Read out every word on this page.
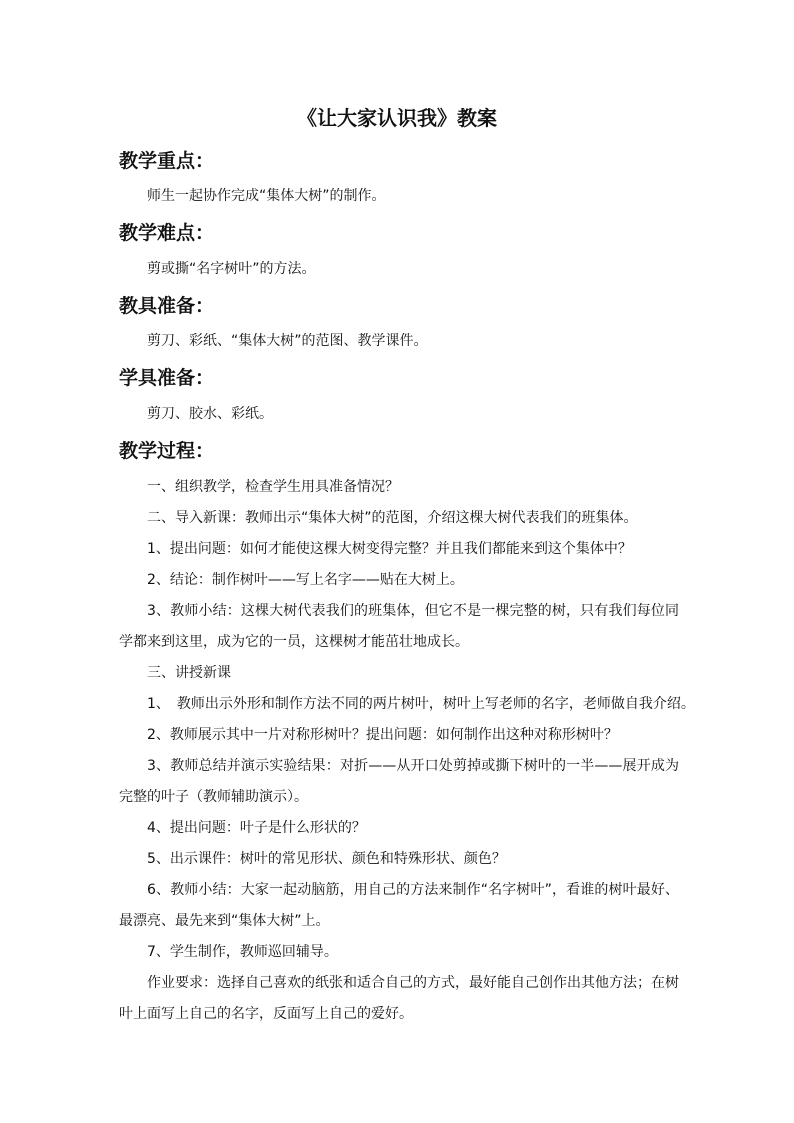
《让大家认识我》教案
教学重点：
师生一起协作完成“集体大树”的制作。
教学难点：
剪或撕“名字树叶”的方法。
教具准备：
剪刀、彩纸、“集体大树”的范图、教学课件。
学具准备：
剪刀、胶水、彩纸。
教学过程：
一、组织教学，检查学生用具准备情况？
二、导入新课：教师出示“集体大树”的范图，介绍这棵大树代表我们的班集体。
1、提出问题：如何才能使这棵大树变得完整？并且我们都能来到这个集体中？
2、结论：制作树叶——写上名字——贴在大树上。
3、教师小结：这棵大树代表我们的班集体，但它不是一棵完整的树，只有我们每位同学都来到这里，成为它的一员，这棵树才能茁壮地成长。
三、讲授新课
1、　教师出示外形和制作方法不同的两片树叶，树叶上写老师的名字，老师做自我介绍。
2、教师展示其中一片对称形树叶？提出问题：如何制作出这种对称形树叶？
3、教师总结并演示实验结果：对折——从开口处剪掉或撕下树叶的一半——展开成为完整的叶子（教师辅助演示）。
4、提出问题：叶子是什么形状的？
5、出示课件：树叶的常见形状、颜色和特殊形状、颜色？
6、教师小结：大家一起动脑筋，用自己的方法来制作“名字树叶”，看谁的树叶最好、最漂亮、最先来到“集体大树”上。
7、学生制作，教师巡回辅导。
作业要求：选择自己喜欢的纸张和适合自己的方式，最好能自己创作出其他方法；在树叶上面写上自己的名字，反面写上自己的爱好。
